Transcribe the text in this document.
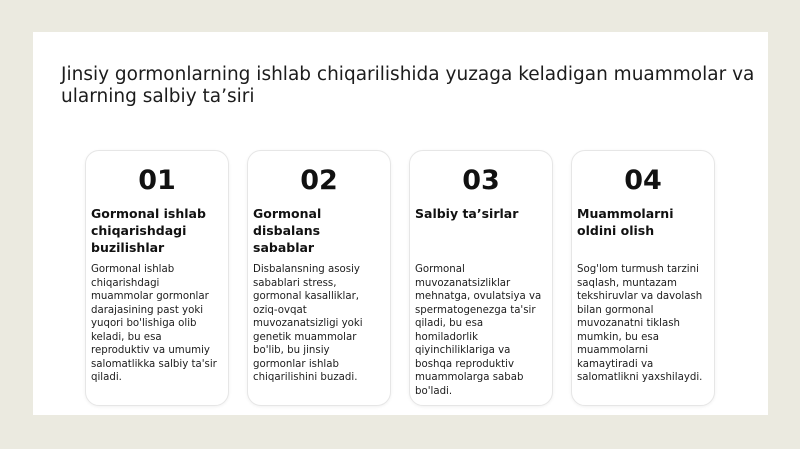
Jinsiy gormonlarning ishlab chiqarilishida yuzaga keladigan muammolar va ularning salbiy ta’siri
01
Gormonal ishlab chiqarishdagi buzilishlar

Gormonal ishlab chiqarishdagi muammolar gormonlar darajasining past yoki yuqori bo'lishiga olib keladi, bu esa reproduktiv va umumiy salomatlikka salbiy ta'sir qiladi.

02
Gormonal disbalans sabablar

Disbalansning asosiy sabablari stress, gormonal kasalliklar, oziq-ovqat muvozanatsizligi yoki genetik muammolar bo'lib, bu jinsiy gormonlar ishlab chiqarilishini buzadi.

03
Salbiy ta’sirlar

Gormonal muvozanatsizliklar mehnatga, ovulatsiya va spermatogenezga ta'sir qiladi, bu esa homiladorlik qiyinchiliklariga va boshqa reproduktiv muammolarga sabab bo'ladi.

04
Muammolarni oldini olish

Sog'lom turmush tarzini saqlash, muntazam tekshiruvlar va davolash bilan gormonal muvozanatni tiklash mumkin, bu esa muammolarni kamaytiradi va salomatlikni yaxshilaydi.
